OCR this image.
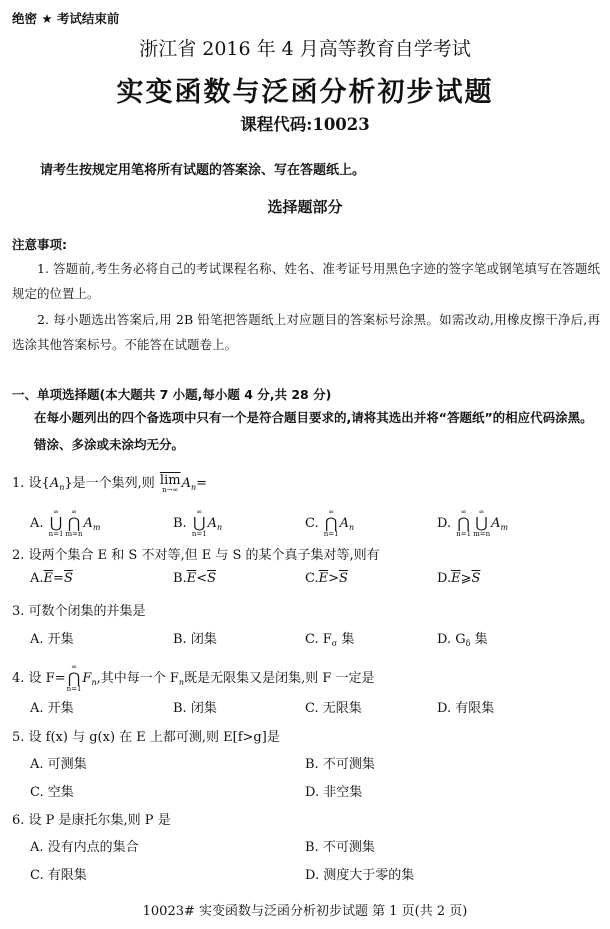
绝密 ★ 考试结束前
浙江省 2016 年 4 月高等教育自学考试
实变函数与泛函分析初步试题
课程代码:10023
请考生按规定用笔将所有试题的答案涂、写在答题纸上。
选择题部分
注意事项:
1. 答题前,考生务必将自己的考试课程名称、姓名、准考证号用黑色字迹的签字笔或钢笔填写在答题纸规定的位置上。
2. 每小题选出答案后,用 2B 铅笔把答题纸上对应题目的答案标号涂黑。如需改动,用橡皮擦干净后,再选涂其他答案标号。不能答在试题卷上。
一、单项选择题(本大题共 7 小题,每小题 4 分,共 28 分)
在每小题列出的四个备选项中只有一个是符合题目要求的,请将其选出并将“答题纸”的相应代码涂黑。错涂、多涂或未涂均无分。
1. 设$\{A_n\}$是一个集列,则 $\overline{lim}$
n→∞ $A_n=$
A.
∞
⋃
n=1
∞
⋂
m=n
$A_m$	B.
∞
⋃
n=1
$A_n$	C.
∞
⋂
n=1
$A_n$	D.
∞
⋂
n=1
∞
⋃
m=n
$A_m$
2. 设两个集合 E 和 S 不对等,但 E 与 S 的某个真子集对等,则有
$A.\overline{E}=\overline{S}$	$B.\overline{E}<\overline{S}$	$C.\overline{E}>\overline{S}$	$D.\overline{E}⩾\overline{S}$
3. 可数个闭集的并集是
A. 开集	B. 闭集	C. $F_\sigma$ 集	D. $G_\delta$ 集
4. 设 F=
∞
⋂
n=1
$F_n$,其中每一个 $F_n$既是无限集又是闭集,则 F 一定是
A. 开集	B. 闭集	C. 无限集	D. 有限集
5. 设 f(x) 与 g(x) 在 E 上都可测,则 E[f>g]是
A. 可测集	B. 不可测集
C. 空集	D. 非空集
6. 设 P 是康托尔集,则 P 是
A. 没有内点的集合	B. 不可测集
C. 有限集	D. 测度大于零的集
10023# 实变函数与泛函分析初步试题 第 1 页(共 2 页)
